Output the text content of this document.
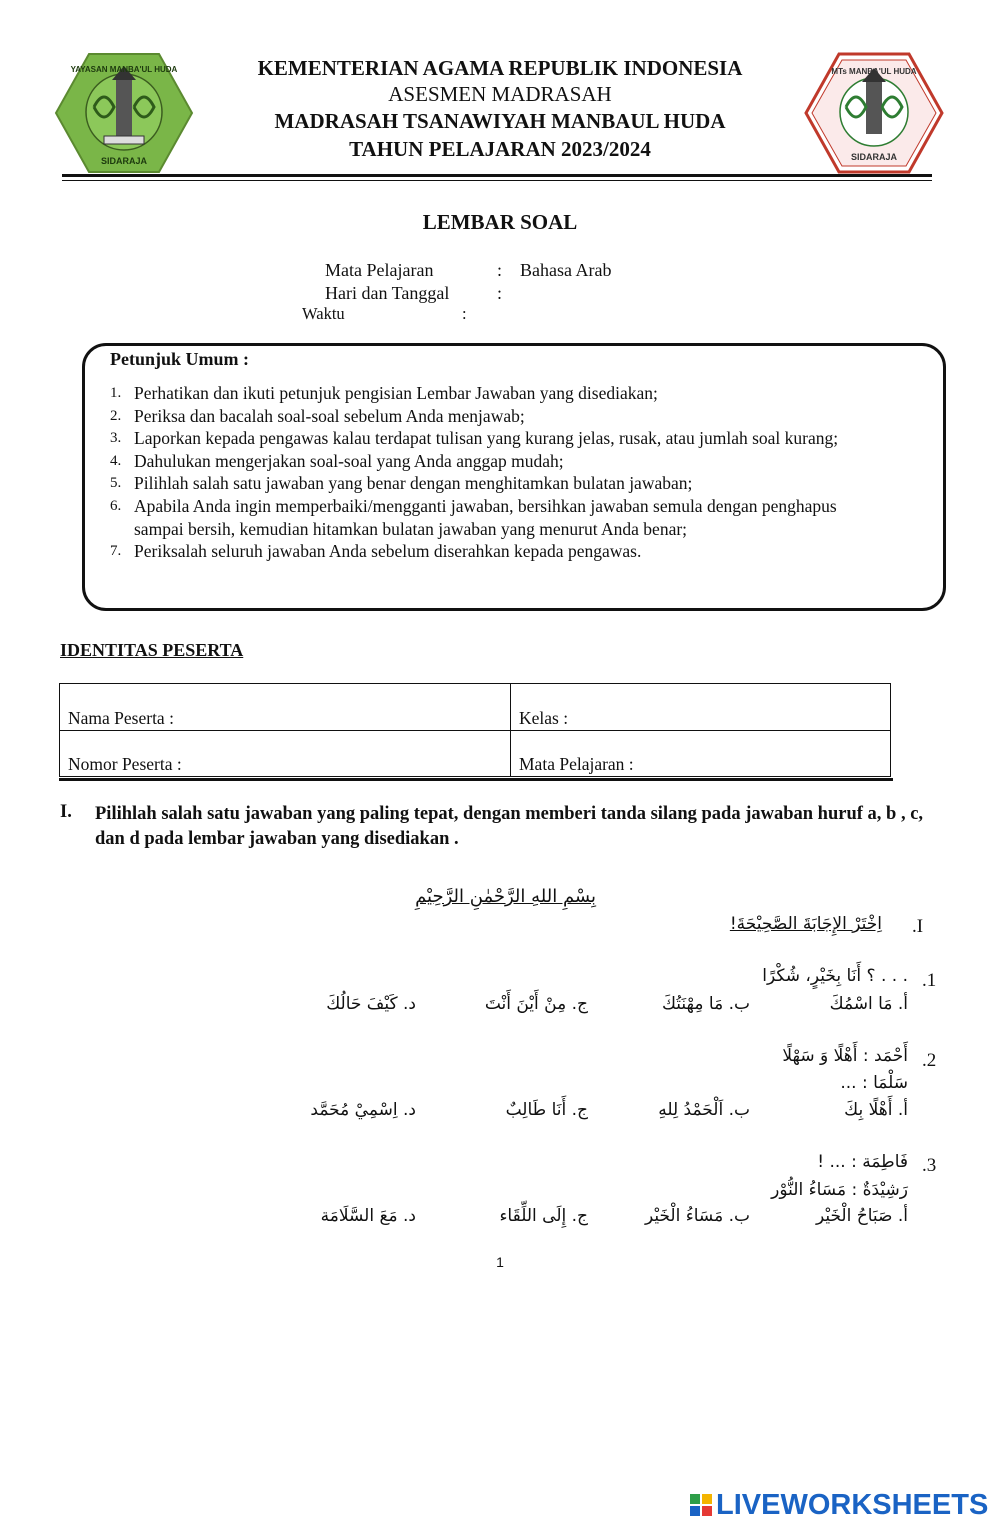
SIDARAJA
YAYASAN MANBA'UL HUDA
SIDARAJA
MTs MANBA'UL HUDA
KEMENTERIAN AGAMA REPUBLIK INDONESIA
ASESMEN MADRASAH
MADRASAH TSANAWIYAH MANBAUL HUDA
TAHUN PELAJARAN 2023/2024
LEMBAR SOAL
Mata Pelajaran	: Bahasa Arab
Hari dan Tanggal	:
Waktu	:
Petunjuk Umum :
1. Perhatikan dan ikuti petunjuk pengisian Lembar Jawaban yang disediakan;
2. Periksa dan bacalah soal-soal sebelum Anda menjawab;
3. Laporkan kepada pengawas kalau terdapat tulisan yang kurang jelas, rusak, atau jumlah soal kurang;
4. Dahulukan mengerjakan soal-soal yang Anda anggap mudah;
5. Pilihlah salah satu jawaban yang benar dengan menghitamkan bulatan jawaban;
6. Apabila Anda ingin memperbaiki/mengganti jawaban, bersihkan jawaban semula dengan penghapus sampai bersih, kemudian hitamkan bulatan jawaban yang menurut Anda benar;
7. Periksalah seluruh jawaban Anda sebelum diserahkan kepada pengawas.
IDENTITAS PESERTA
Nama Peserta :	Kelas :
Nomor Peserta :	Mata Pelajaran :
I. Pilihlah salah satu jawaban yang paling tepat, dengan memberi tanda silang pada jawaban huruf a, b , c, dan d pada lembar jawaban yang disediakan .
بِسْمِ اللهِ الرَّحْمٰنِ الرَّحِيْمِ
.I
اِخْتَرْ الإِجَابَةَ الصَّحِيْحَةَ!
.1
. . . ؟ أَنَا بِخَيْرٍ، شُكْرًا
أ. مَا اسْمُكَ
ب. مَا مِهْنَتُكَ
ج. مِنْ أَيْنَ أَنْتَ
د. كَيْفَ حَالُكَ
.2
أَحْمَد : أَهْلًا وَ سَهْلًا
سَلْمَا : ...
أ. أَهْلًا بِكَ
ب. اَلْحَمْدُ لِلهِ
ج. أَنَا طَالِبٌ
د. اِسْمِيْ مُحَمَّد
.3
فَاطِمَة : ... !
رَشِيْدَةٌ : مَسَاءُ النُّوْر
أ. صَبَاحُ الْخَيْر
ب. مَسَاءُ الْخَيْر
ج. إِلَى اللِّقَاء
د. مَعَ السَّلَامَة
1
LIVEWORKSHEETS
